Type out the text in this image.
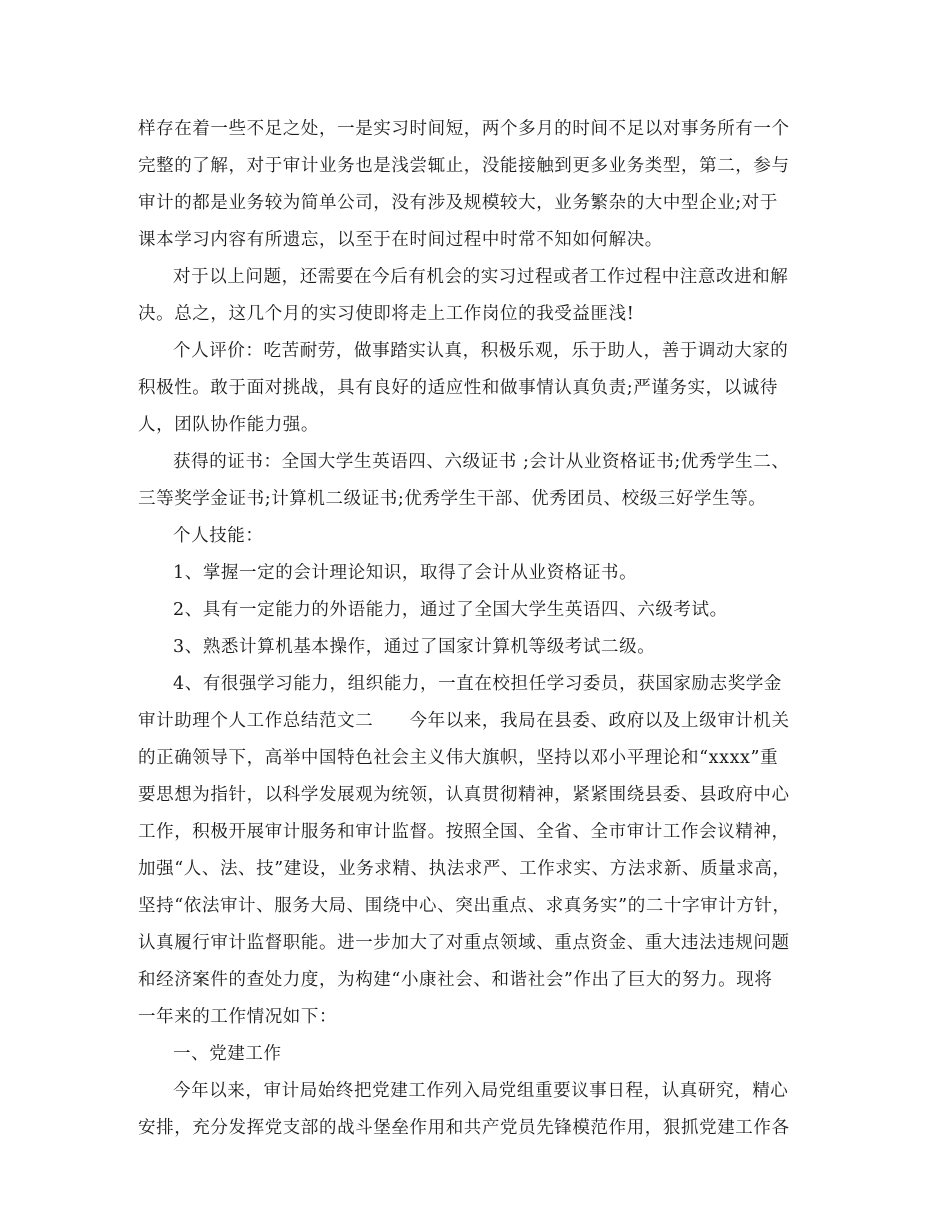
样存在着一些不足之处，一是实习时间短，两个多月的时间不足以对事务所有一个
完整的了解，对于审计业务也是浅尝辄止，没能接触到更多业务类型，第二，参与
审计的都是业务较为简单公司，没有涉及规模较大，业务繁杂的大中型企业;对于
课本学习内容有所遗忘，以至于在时间过程中时常不知如何解决。
对于以上问题，还需要在今后有机会的实习过程或者工作过程中注意改进和解
决。总之，这几个月的实习使即将走上工作岗位的我受益匪浅!
个人评价：吃苦耐劳，做事踏实认真，积极乐观，乐于助人，善于调动大家的
积极性。敢于面对挑战，具有良好的适应性和做事情认真负责;严谨务实，以诚待
人，团队协作能力强。
获得的证书：全国大学生英语四、六级证书 ;会计从业资格证书;优秀学生二、
三等奖学金证书;计算机二级证书;优秀学生干部、优秀团员、校级三好学生等。
个人技能：
1、掌握一定的会计理论知识，取得了会计从业资格证书。
2、具有一定能力的外语能力，通过了全国大学生英语四、六级考试。
3、熟悉计算机基本操作，通过了国家计算机等级考试二级。
4、有很强学习能力，组织能力，一直在校担任学习委员，获国家励志奖学金
审计助理个人工作总结范文二　　今年以来，我局在县委、政府以及上级审计机关
的正确领导下，高举中国特色社会主义伟大旗帜，坚持以邓小平理论和“xxxx”重
要思想为指针，以科学发展观为统领，认真贯彻精神，紧紧围绕县委、县政府中心
工作，积极开展审计服务和审计监督。按照全国、全省、全市审计工作会议精神，
加强“人、法、技”建设，业务求精、执法求严、工作求实、方法求新、质量求高，
坚持“依法审计、服务大局、围绕中心、突出重点、求真务实”的二十字审计方针，
认真履行审计监督职能。进一步加大了对重点领域、重点资金、重大违法违规问题
和经济案件的查处力度，为构建“小康社会、和谐社会”作出了巨大的努力。现将
一年来的工作情况如下：
一、党建工作
今年以来，审计局始终把党建工作列入局党组重要议事日程，认真研究，精心
安排，充分发挥党支部的战斗堡垒作用和共产党员先锋模范作用，狠抓党建工作各
